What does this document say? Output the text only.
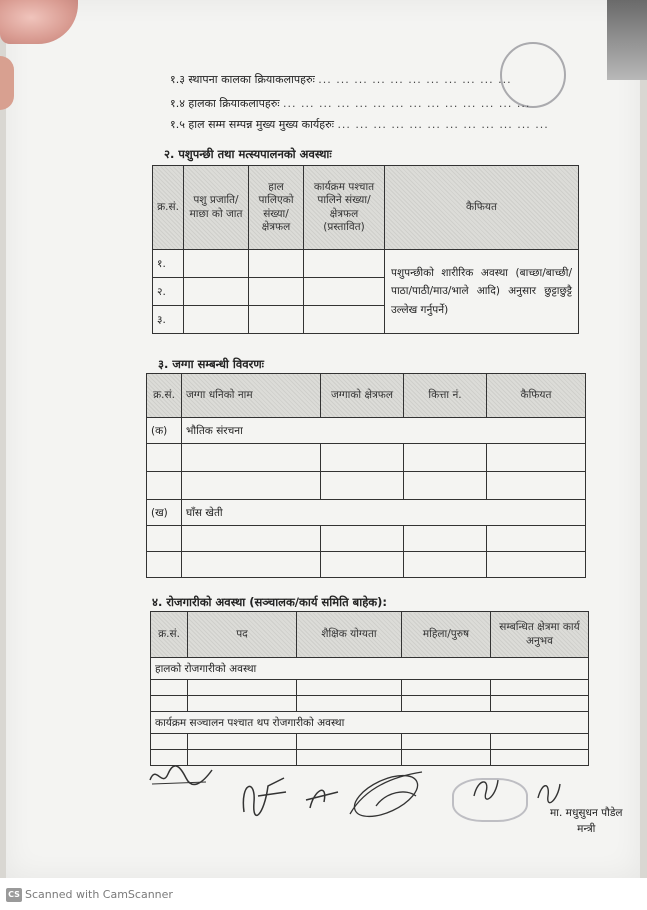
१.३ स्थापना कालका क्रियाकलापहरुः ... ... ... ... ... ... ... ... ... ... ...
१.४ हालका क्रियाकलापहरुः ... ... ... ... ... ... ... ... ... ... ... ... ... ...
१.५ हाल सम्म सम्पन्न मुख्य मुख्य कार्यहरुः ... ... ... ... ... ... ... ... ... ... ... ...
२. पशुपन्छी तथा मत्स्यपालनको अवस्थाः
क्र.सं.	पशु प्रजाति/माछा को जात	हाल पालिएकाे संख्या/ क्षेत्रफल	कार्यक्रम पश्चात पालिने संख्या/ क्षेत्रफल (प्रस्तावित)	कैफियत
१.				पशुपन्छीको शारीरिक अवस्था (बाच्छा/बाच्छी/पाठा/पाठी/माउ/भाले आदि) अनुसार छुट्टाछुट्टै उल्लेख गर्नुपर्ने)
२.				
३.				
३. जग्गा सम्बन्धी विवरणः
क्र.सं.	जग्गा धनिको नाम	जग्गाको क्षेत्रफल	कित्ता नं.	कैफियत
(क)	भौतिक संरचना			

(ख)	घाँस खेती			

४. रोजगारीको अवस्था (सञ्चालक/कार्य समिति बाहेक):
क्र.सं.	पद	शैक्षिक योग्यता	महिला/पुरुष	सम्बन्धित क्षेत्रमा कार्य अनुभव
हालको रोजगारीको अवस्था				

कार्यक्रम सञ्चालन पश्चात थप रोजगारीको अवस्था				

मा. मधुसुधन पौडेल
मन्त्री
CS Scanned with CamScanner
